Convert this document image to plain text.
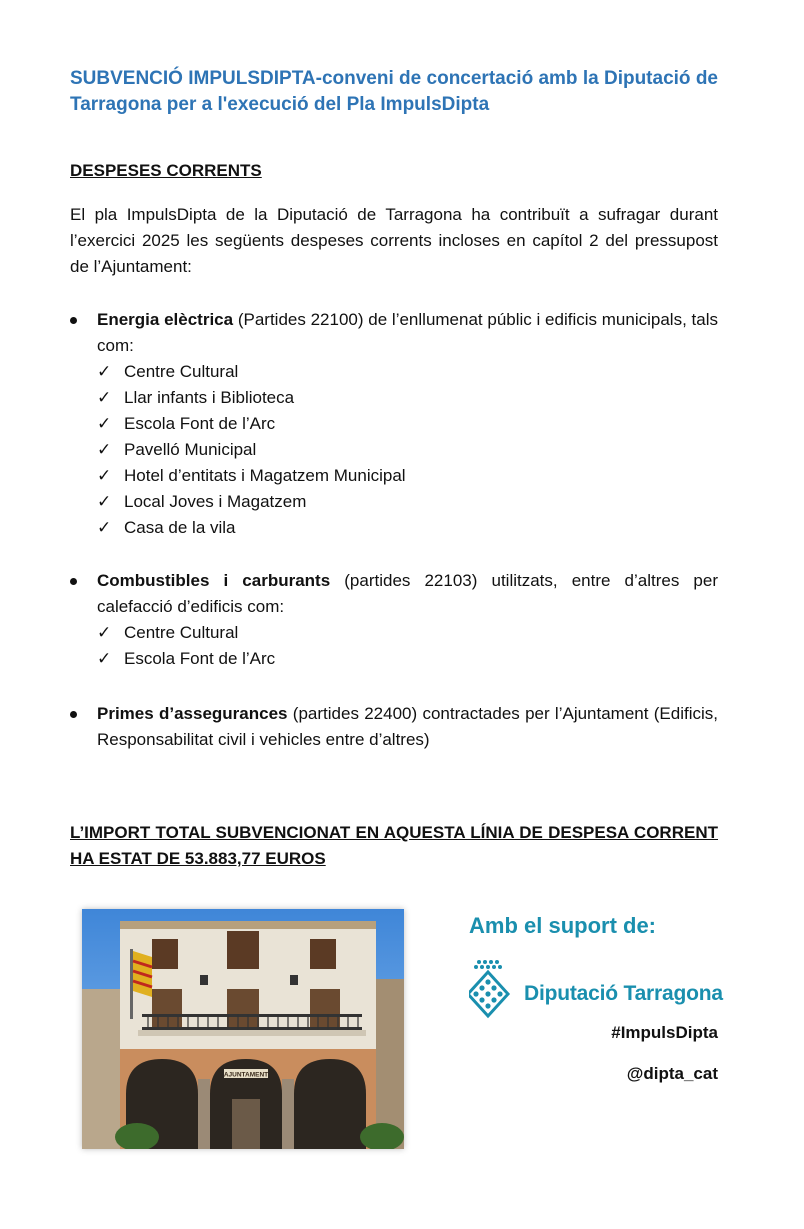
SUBVENCIÓ IMPULSDIPTA-conveni de concertació amb la Diputació de Tarragona per a l'execució del Pla ImpulsDipta
DESPESES CORRENTS
El pla ImpulsDipta de la Diputació de Tarragona ha contribuït a sufragar durant l’exercici 2025 les següents despeses corrents incloses en capítol 2 del pressupost de l’Ajuntament:
Energia elèctrica (Partides 22100) de l’enllumenat públic i edificis municipals, tals com:
✓ Centre Cultural
✓ Llar infants i Biblioteca
✓ Escola Font de l’Arc
✓ Pavelló Municipal
✓ Hotel d’entitats i Magatzem Municipal
✓ Local Joves i Magatzem
✓ Casa de la vila
Combustibles i carburants (partides 22103) utilitzats, entre d’altres per calefacció d’edificis com:
✓ Centre Cultural
✓ Escola Font de l’Arc
Primes d’assegurances (partides 22400) contractades per l’Ajuntament (Edificis, Responsabilitat civil i vehicles entre d’altres)
L’IMPORT TOTAL SUBVENCIONAT EN AQUESTA LÍNIA DE DESPESA CORRENT HA ESTAT DE 53.883,77 EUROS
AJUNTAMENT
Amb el suport de:
Diputació Tarragona
#ImpulsDipta
@dipta_cat
